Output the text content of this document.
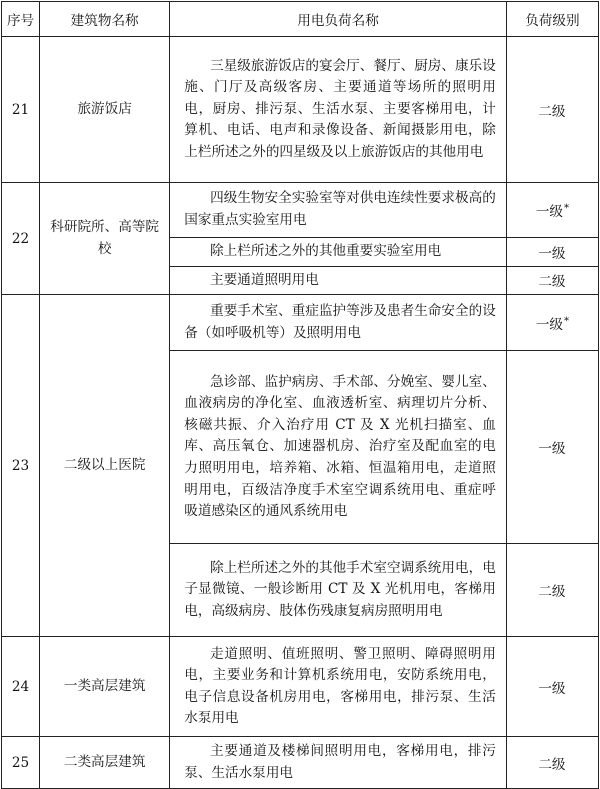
序号	建筑物名称	用电负荷名称	负荷级别
21	旅游饭店	三星级旅游饭店的宴会厅、餐厅、厨房、康乐设施、门厅及高级客房、主要通道等场所的照明用电，厨房、排污泵、生活水泵、主要客梯用电，计算机、电话、电声和录像设备、新闻摄影用电，除上栏所述之外的四星级及以上旅游饭店的其他用电	二级
22	科研院所、高等院校	四级生物安全实验室等对供电连续性要求极高的国家重点实验室用电	一级*

		除上栏所述之外的其他重要实验室用电	一级

		主要通道照明用电	二级
23	二级以上医院	重要手术室、重症监护等涉及患者生命安全的设备（如呼吸机等）及照明用电	一级*

		急诊部、监护病房、手术部、分娩室、婴儿室、血液病房的净化室、血液透析室、病理切片分析、核磁共振、介入治疗用 CT 及 X 光机扫描室、血库、高压氧仓、加速器机房、治疗室及配血室的电力照明用电，培养箱、冰箱、恒温箱用电，走道照明用电，百级洁净度手术室空调系统用电、重症呼吸道感染区的通风系统用电	一级

		除上栏所述之外的其他手术室空调系统用电，电子显微镜、一般诊断用 CT 及 X 光机用电，客梯用电，高级病房、肢体伤残康复病房照明用电	二级
24	一类高层建筑	走道照明、值班照明、警卫照明、障碍照明用电，主要业务和计算机系统用电，安防系统用电，电子信息设备机房用电，客梯用电，排污泵、生活水泵用电	一级
25	二类高层建筑	主要通道及楼梯间照明用电，客梯用电，排污泵、生活水泵用电	二级
